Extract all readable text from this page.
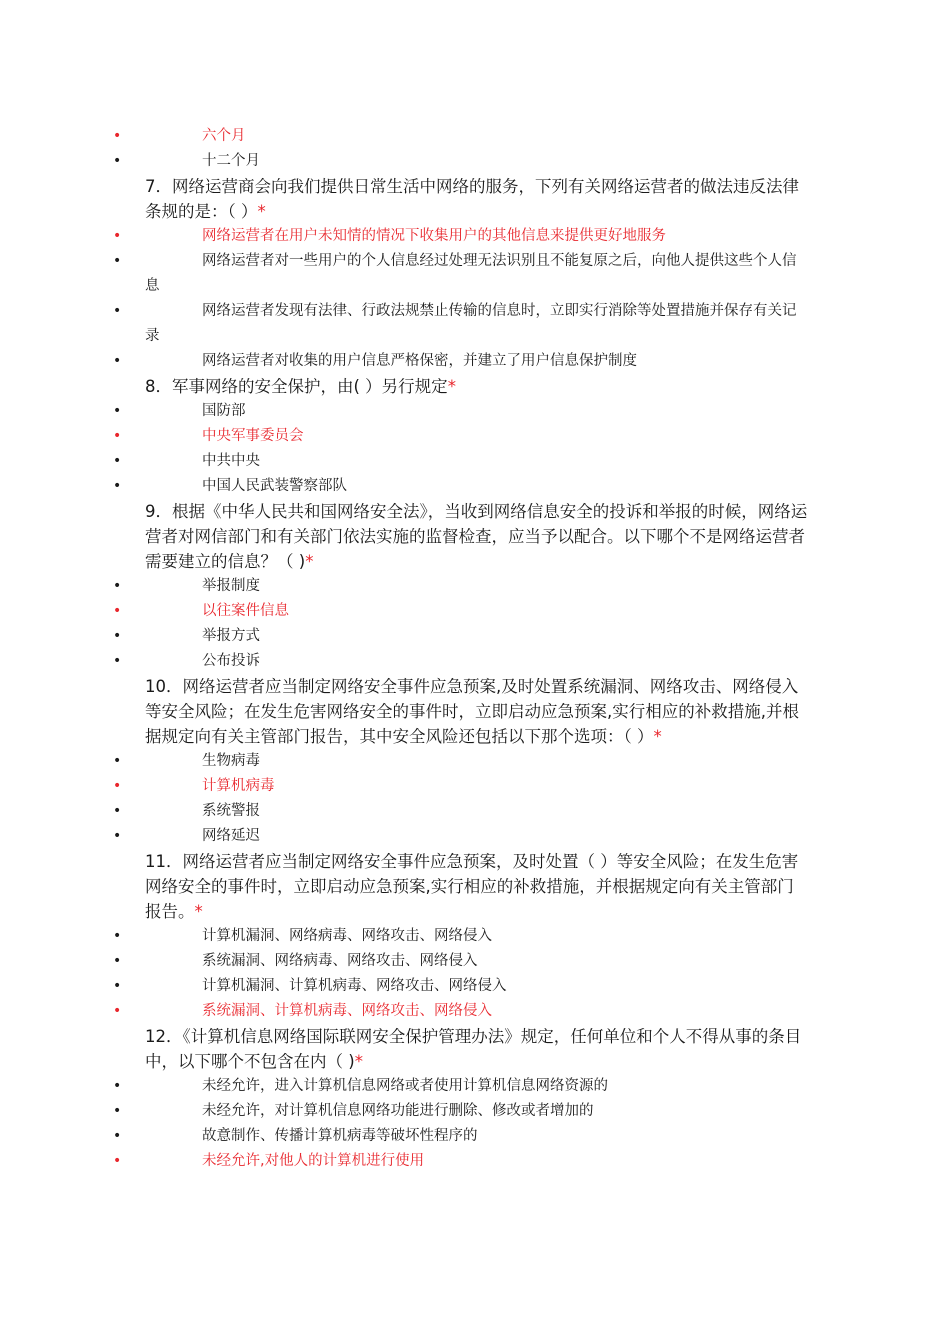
•	六个月
•	十二个月
7．网络运营商会向我们提供日常生活中网络的服务，下列有关网络运营者的做法违反法律条规的是：（ ）*
•	网络运营者在用户未知情的情况下收集用户的其他信息来提供更好地服务
•	网络运营者对一些用户的个人信息经过处理无法识别且不能复原之后，向他人提供这些个人信息
•	网络运营者发现有法律、行政法规禁止传输的信息时，立即实行消除等处置措施并保存有关记录
•	网络运营者对收集的用户信息严格保密，并建立了用户信息保护制度
8．军事网络的安全保护，由( ）另行规定*
•	国防部
•	中央军事委员会
•	中共中央
•	中国人民武装警察部队
9．根据《中华人民共和国网络安全法》，当收到网络信息安全的投诉和举报的时候，网络运营者对网信部门和有关部门依法实施的监督检查，应当予以配合。以下哪个不是网络运营者需要建立的信息？（ )*
•	举报制度
•	以往案件信息
•	举报方式
•	公布投诉
10．网络运营者应当制定网络安全事件应急预案,及时处置系统漏洞、网络攻击、网络侵入等安全风险；在发生危害网络安全的事件时，立即启动应急预案,实行相应的补救措施,并根据规定向有关主管部门报告，其中安全风险还包括以下那个选项：（ ）*
•	生物病毒
•	计算机病毒
•	系统警报
•	网络延迟
11．网络运营者应当制定网络安全事件应急预案，及时处置（ ）等安全风险；在发生危害网络安全的事件时，立即启动应急预案,实行相应的补救措施，并根据规定向有关主管部门报告。*
•	计算机漏洞、网络病毒、网络攻击、网络侵入
•	系统漏洞、网络病毒、网络攻击、网络侵入
•	计算机漏洞、计算机病毒、网络攻击、网络侵入
•	系统漏洞、计算机病毒、网络攻击、网络侵入
12．《计算机信息网络国际联网安全保护管理办法》规定，任何单位和个人不得从事的条目中，以下哪个不包含在内（ )*
•	未经允许，进入计算机信息网络或者使用计算机信息网络资源的
•	未经允许，对计算机信息网络功能进行删除、修改或者增加的
•	故意制作、传播计算机病毒等破坏性程序的
•	未经允许,对他人的计算机进行使用
